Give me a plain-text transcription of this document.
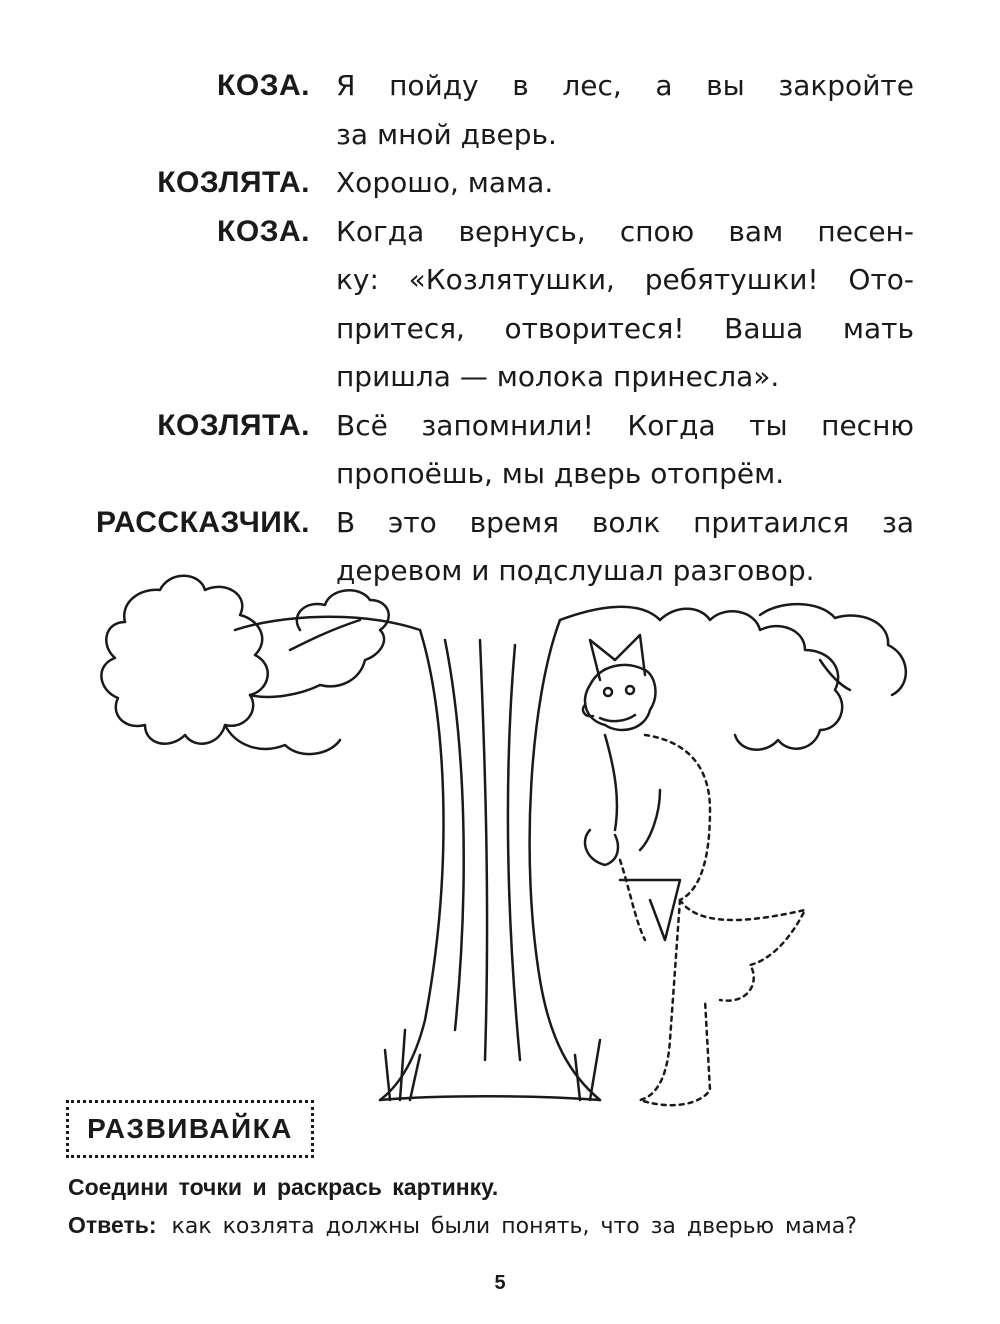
КОЗА. Я пойду в лес, а вы закройте
за мной дверь.
КОЗЛЯТА. Хорошо, мама.
КОЗА. Когда вернусь, спою вам песен-
ку: «Козлятушки, ребятушки! Ото-
притеся, отворитеся! Ваша мать
пришла — молока принесла».
КОЗЛЯТА. Всё запомнили! Когда ты песню
пропоёшь, мы дверь отопрём.
РАССКАЗЧИК. В это время волк притаился за
деревом и подслушал разговор.
РАЗВИВАЙКА
Соедини точки и раскрась картинку.
Ответь: как козлята должны были понять, что за дверью мама?
5
